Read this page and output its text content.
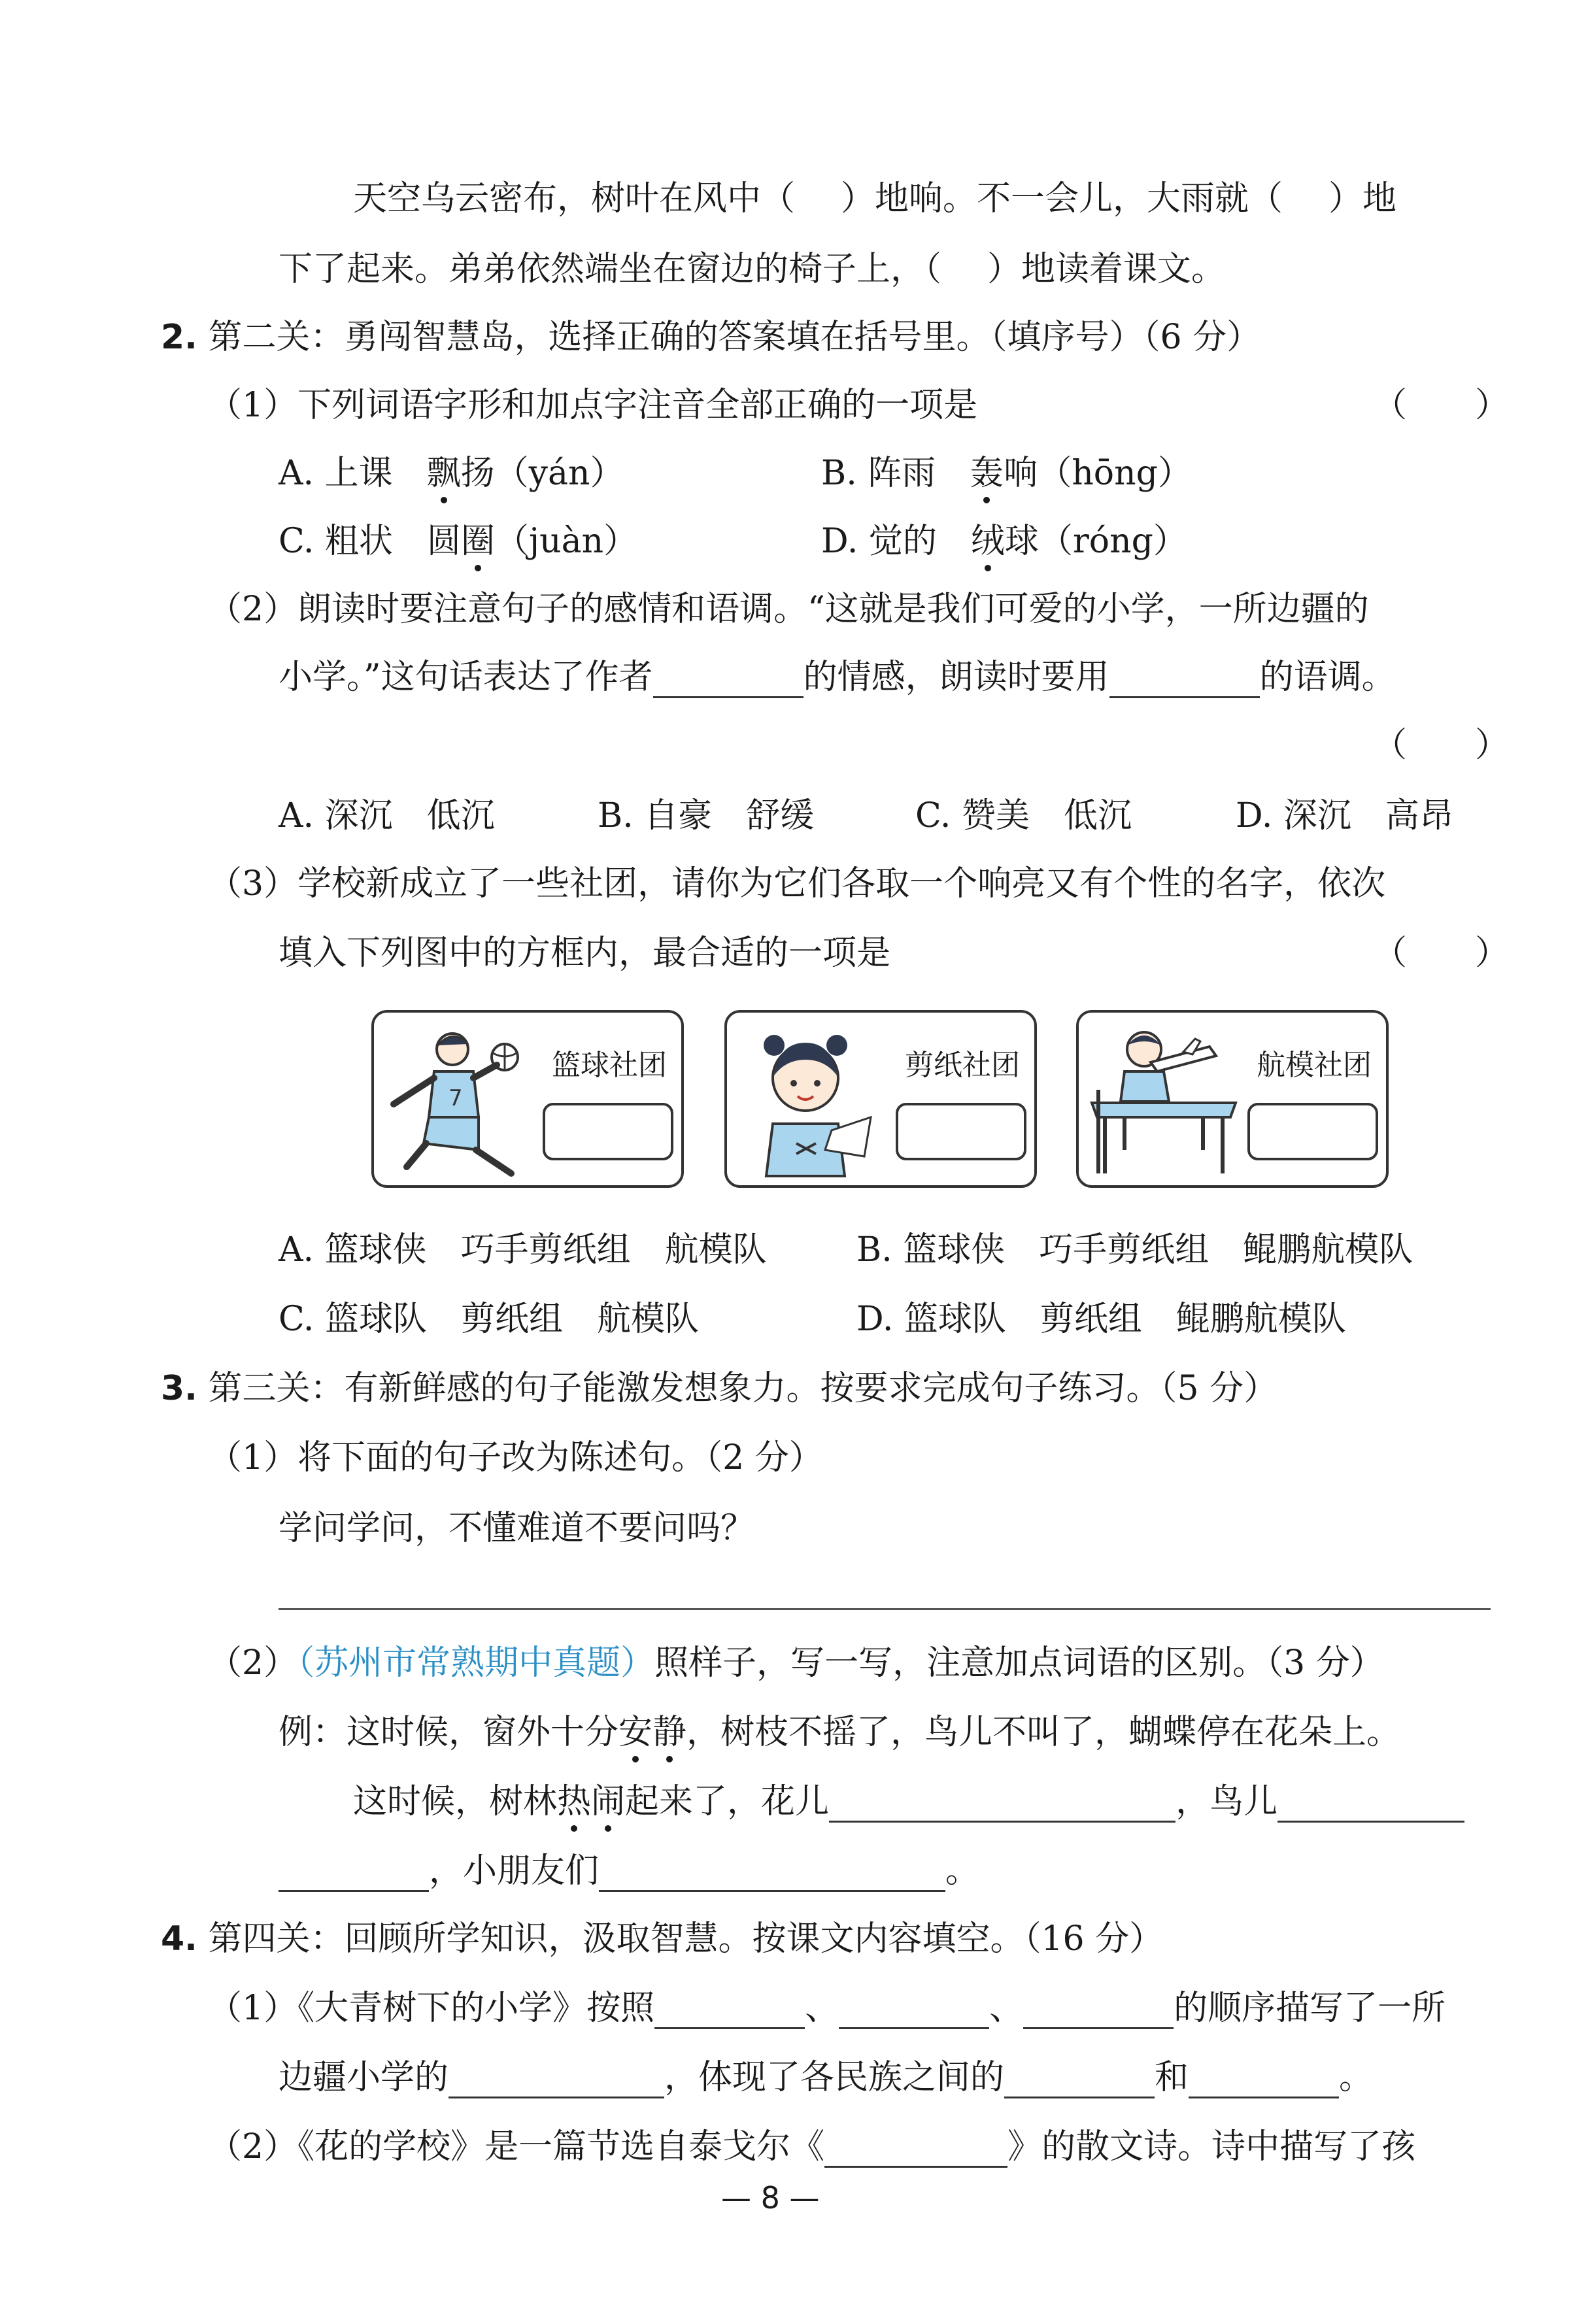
天空乌云密布，树叶在风中（ ）地响。不一会儿，大雨就（ ）地
下了起来。弟弟依然端坐在窗边的椅子上，（ ）地读着课文。
2. 第二关：勇闯智慧岛，选择正确的答案填在括号里。（填序号）（6 分）
（1）下列词语字形和加点字注音全部正确的一项是	（　　）
A. 上课　飘扬（yán）	B. 阵雨　轰响（hōng）
C. 粗状　圆圈（juàn）	D. 觉的　绒球（róng）
（2）朗读时要注意句子的感情和语调。“这就是我们可爱的小学，一所边疆的
小学。”这句话表达了作者	的情感，朗读时要用	的语调。
（　　）
A. 深沉　低沉	B. 自豪　舒缓	C. 赞美　低沉	D. 深沉　高昂
（3）学校新成立了一些社团，请你为它们各取一个响亮又有个性的名字，依次
填入下列图中的方框内，最合适的一项是	（　　）
7
篮球社团	剪纸社团	航模社团
A. 篮球侠　巧手剪纸组　航模队	B. 篮球侠　巧手剪纸组　鲲鹏航模队
C. 篮球队　剪纸组　航模队	D. 篮球队　剪纸组　鲲鹏航模队
3. 第三关：有新鲜感的句子能激发想象力。按要求完成句子练习。（5 分）
（1）将下面的句子改为陈述句。（2 分）
学问学问，不懂难道不要问吗？
（2）（苏州市常熟期中真题）照样子，写一写，注意加点词语的区别。（3 分）
例：这时候，窗外十分安静，树枝不摇了，鸟儿不叫了，蝴蝶停在花朵上。
这时候，树林热闹起来了，花儿	，鸟儿
，小朋友们	。
4. 第四关：回顾所学知识，汲取智慧。按课文内容填空。（16 分）
（1）《大青树下的小学》按照	、	、	的顺序描写了一所
边疆小学的	，体现了各民族之间的	和	。
（2）《花的学校》是一篇节选自泰戈尔《	》的散文诗。诗中描写了孩
— 8 —
